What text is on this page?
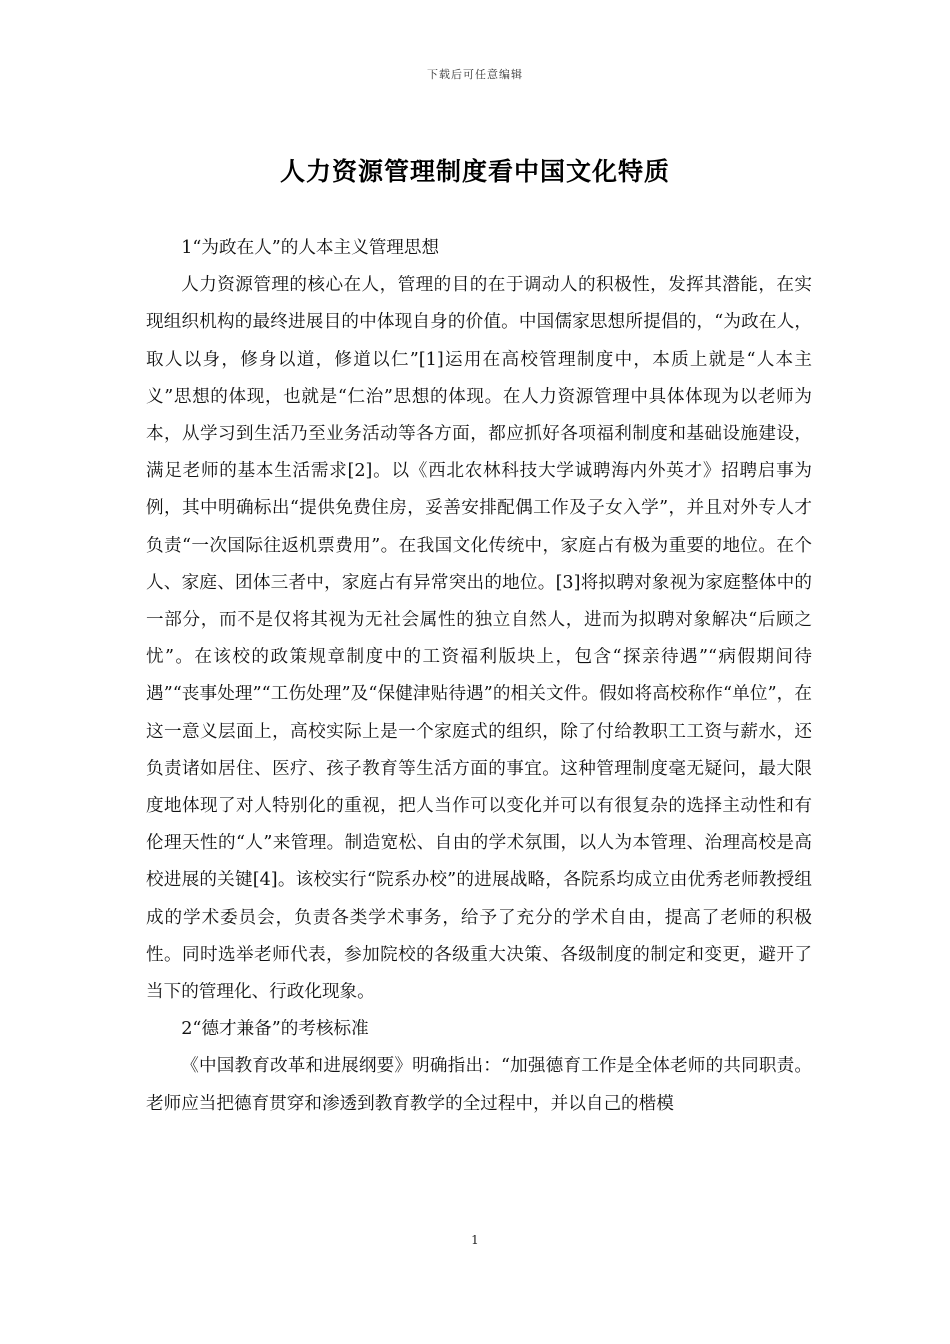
下载后可任意编辑
人力资源管理制度看中国文化特质

1“为政在人”的人本主义管理思想

人力资源管理的核心在人，管理的目的在于调动人的积极性，发挥其潜能，在实现组织机构的最终进展目的中体现自身的价值。中国儒家思想所提倡的，“为政在人，取人以身，修身以道，修道以仁”[1]运用在高校管理制度中，本质上就是“人本主义”思想的体现，也就是“仁治”思想的体现。在人力资源管理中具体体现为以老师为本，从学习到生活乃至业务活动等各方面，都应抓好各项福利制度和基础设施建设，满足老师的基本生活需求[2]。以《西北农林科技大学诚聘海内外英才》招聘启事为例，其中明确标出“提供免费住房，妥善安排配偶工作及子女入学”，并且对外专人才负责“一次国际往返机票费用”。在我国文化传统中，家庭占有极为重要的地位。在个人、家庭、团体三者中，家庭占有异常突出的地位。[3]将拟聘对象视为家庭整体中的一部分，而不是仅将其视为无社会属性的独立自然人，进而为拟聘对象解决“后顾之忧”。在该校的政策规章制度中的工资福利版块上，包含“探亲待遇”“病假期间待遇”“丧事处理”“工伤处理”及“保健津贴待遇”的相关文件。假如将高校称作“单位”，在这一意义层面上，高校实际上是一个家庭式的组织，除了付给教职工工资与薪水，还负责诸如居住、医疗、孩子教育等生活方面的事宜。这种管理制度毫无疑问，最大限度地体现了对人特别化的重视，把人当作可以变化并可以有很复杂的选择主动性和有伦理天性的“人”来管理。制造宽松、自由的学术氛围，以人为本管理、治理高校是高校进展的关键[4]。该校实行“院系办校”的进展战略，各院系均成立由优秀老师教授组成的学术委员会，负责各类学术事务，给予了充分的学术自由，提高了老师的积极性。同时选举老师代表，参加院校的各级重大决策、各级制度的制定和变更，避开了当下的管理化、行政化现象。

2“德才兼备”的考核标准

《中国教育改革和进展纲要》明确指出：“加强德育工作是全体老师的共同职责。老师应当把德育贯穿和渗透到教育教学的全过程中，并以自己的楷模

1
